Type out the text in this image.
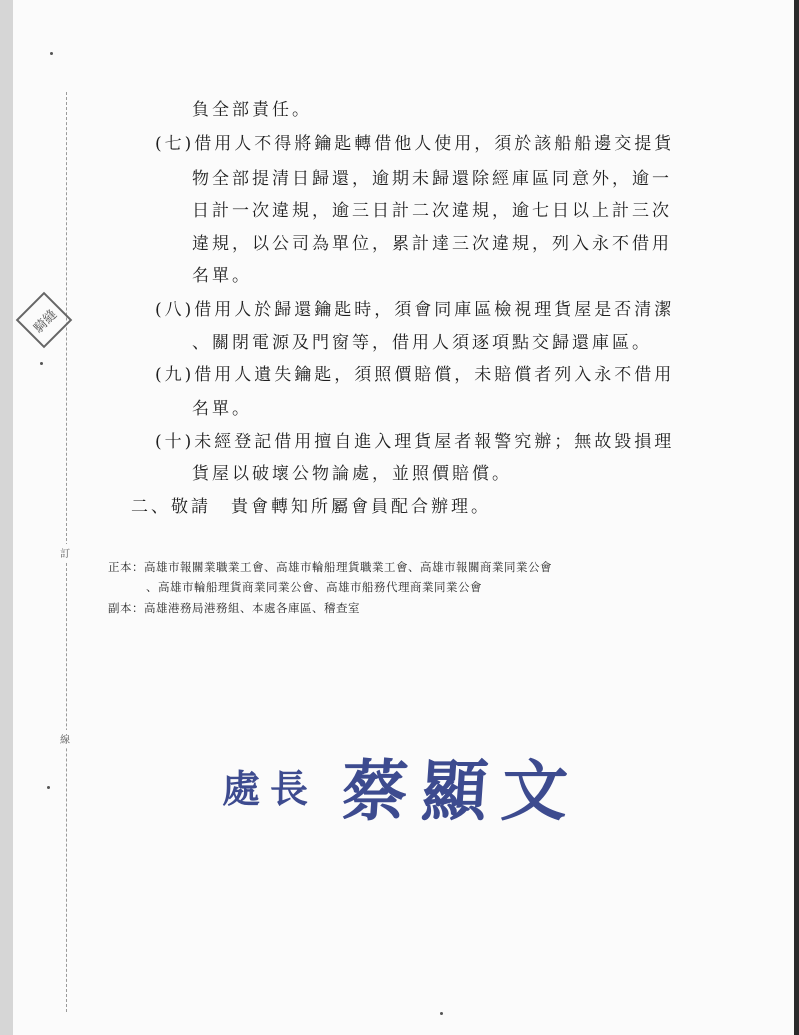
騎縫
訂
線
負全部責任。
(七)借用人不得將鑰匙轉借他人使用，須於該船船邊交提貨
物全部提清日歸還，逾期未歸還除經庫區同意外，逾一
日計一次違規，逾三日計二次違規，逾七日以上計三次
違規，以公司為單位，累計達三次違規，列入永不借用
名單。
(八)借用人於歸還鑰匙時，須會同庫區檢視理貨屋是否清潔
、關閉電源及門窗等，借用人須逐項點交歸還庫區。
(九)借用人遺失鑰匙，須照價賠償，未賠償者列入永不借用
名單。
(十)未經登記借用擅自進入理貨屋者報警究辦；無故毀損理
貨屋以破壞公物論處，並照價賠償。
二、敬請　貴會轉知所屬會員配合辦理。
正本：高雄市報關業職業工會、高雄市輪船理貨職業工會、高雄市報關商業同業公會
、高雄市輪船理貨商業同業公會、高雄市船務代理商業同業公會
副本：高雄港務局港務組、本處各庫區、稽查室
處長 蔡顯文
